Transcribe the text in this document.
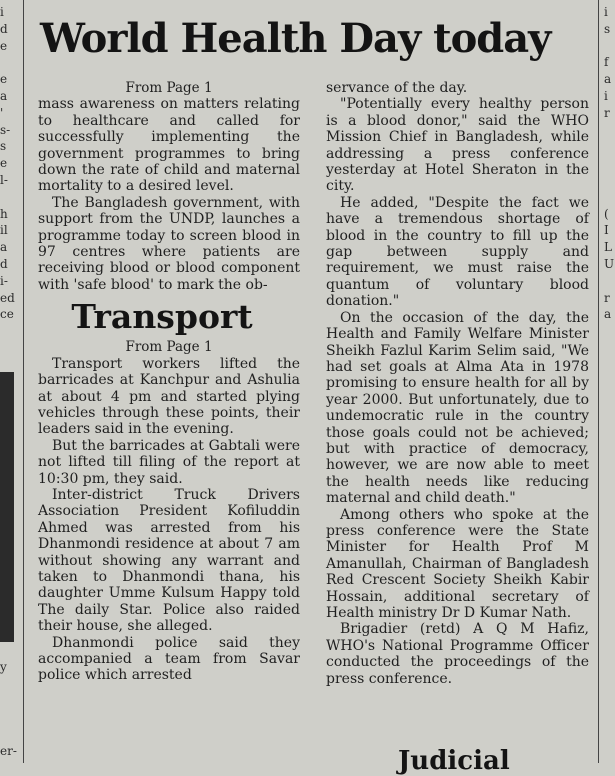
i
d
e

e
a
'
s-
s
e
l-

h
il
a
d
i-
ed
ce

y

er-
i
s

f
a
i
r

(
I
L
U

r
a
World Health Day today

From Page 1

mass awareness on matters relating to healthcare and called for successfully implementing the government programmes to bring down the rate of child and maternal mortality to a desired level.

The Bangladesh government, with support from the UNDP, launches a programme today to screen blood in 97 centres where patients are receiving blood or blood component with 'safe blood' to mark the ob-

Transport

From Page 1

Transport workers lifted the barricades at Kanchpur and Ashulia at about 4 pm and started plying vehicles through these points, their leaders said in the evening.

But the barricades at Gabtali were not lifted till filing of the report at 10:30 pm, they said.

Inter-district Truck Drivers Association President Kofiluddin Ahmed was arrested from his Dhanmondi residence at about 7 am without showing any warrant and taken to Dhanmondi thana, his daughter Umme Kulsum Happy told The daily Star. Police also raided their house, she alleged.

Dhanmondi police said they accompanied a team from Savar police which arrested

servance of the day.

"Potentially every healthy person is a blood donor," said the WHO Mission Chief in Bangladesh, while addressing a press conference yesterday at Hotel Sheraton in the city.

He added, "Despite the fact we have a tremendous shortage of blood in the country to fill up the gap between supply and requirement, we must raise the quantum of voluntary blood donation."

On the occasion of the day, the Health and Family Welfare Minister Sheikh Fazlul Karim Selim said, "We had set goals at Alma Ata in 1978 promising to ensure health for all by year 2000. But unfortunately, due to undemocratic rule in the country those goals could not be achieved; but with practice of democracy, however, we are now able to meet the health needs like reducing maternal and child death."

Among others who spoke at the press conference were the State Minister for Health Prof M Amanullah, Chairman of Bangladesh Red Crescent Society Sheikh Kabir Hossain, additional secretary of Health ministry Dr D Kumar Nath.

Brigadier (retd) A Q M Hafiz, WHO's National Programme Officer conducted the proceedings of the press conference.

Judicial
